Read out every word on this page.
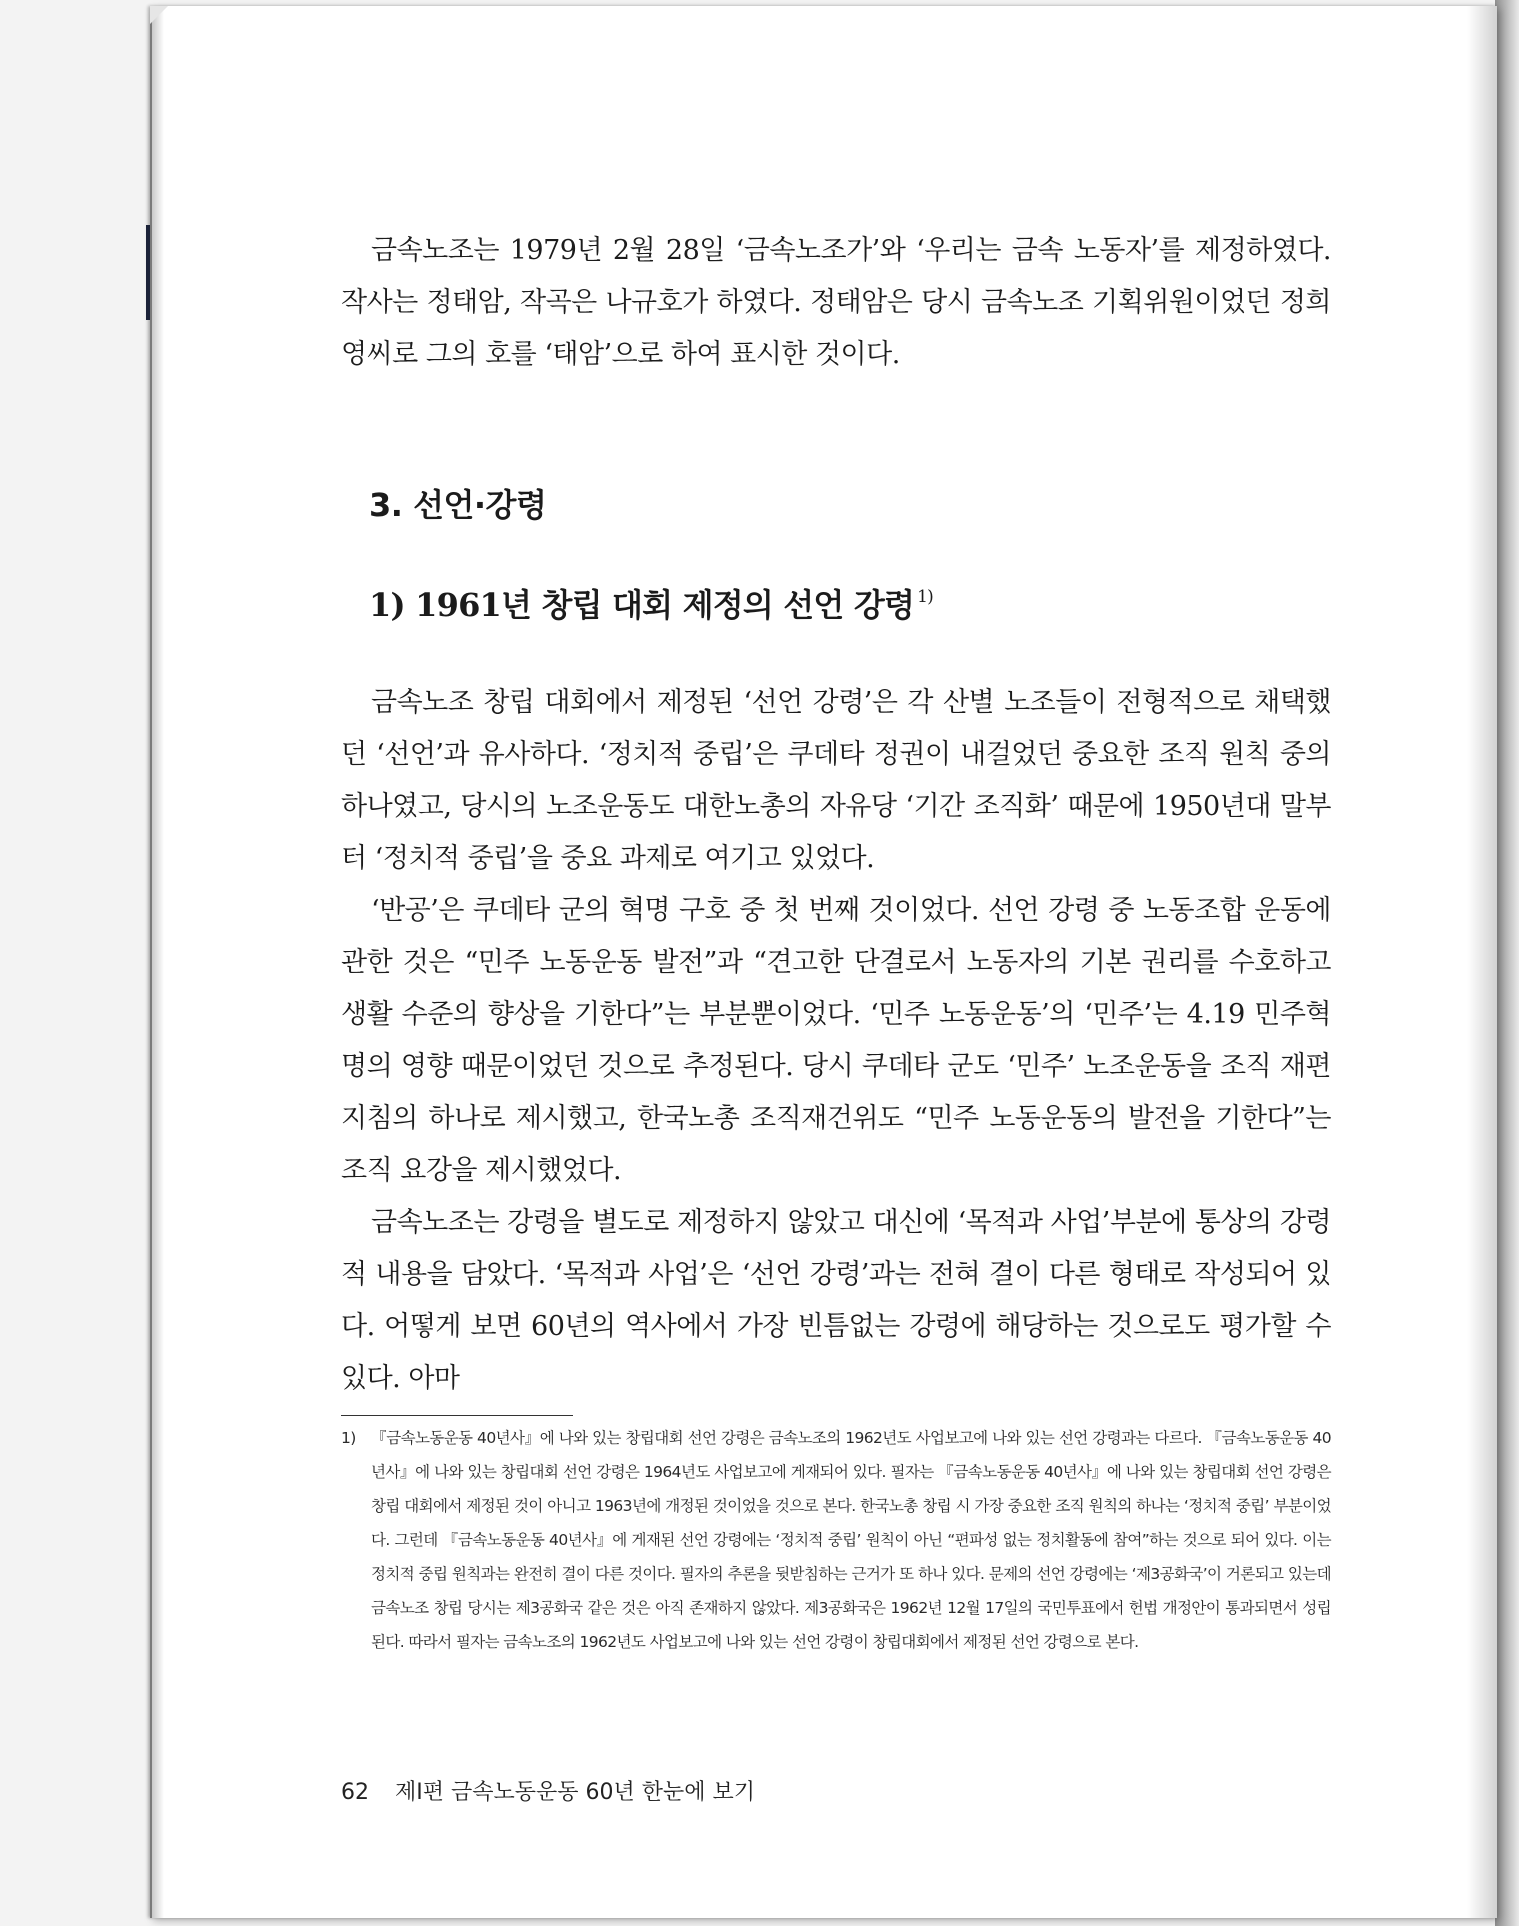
금속노조는 1979년 2월 28일 ‘금속노조가’와 ‘우리는 금속 노동자’를 제정하였다. 작사는 정태암, 작곡은 나규호가 하였다. 정태암은 당시 금속노조 기획위원이었던 정희영씨로 그의 호를 ‘태암’으로 하여 표시한 것이다.

3. 선언·강령
1) 1961년 창립 대회 제정의 선언 강령 $^{1)}$

금속노조 창립 대회에서 제정된 ‘선언 강령’은 각 산별 노조들이 전형적으로 채택했던 ‘선언’과 유사하다. ‘정치적 중립’은 쿠데타 정권이 내걸었던 중요한 조직 원칙 중의 하나였고, 당시의 노조운동도 대한노총의 자유당 ‘기간 조직화’ 때문에 1950년대 말부터 ‘정치적 중립’을 중요 과제로 여기고 있었다.

‘반공’은 쿠데타 군의 혁명 구호 중 첫 번째 것이었다. 선언 강령 중 노동조합 운동에 관한 것은 “민주 노동운동 발전”과 “견고한 단결로서 노동자의 기본 권리를 수호하고 생활 수준의 향상을 기한다”는 부분뿐이었다. ‘민주 노동운동’의 ‘민주’는 4.19 민주혁명의 영향 때문이었던 것으로 추정된다. 당시 쿠데타 군도 ‘민주’ 노조운동을 조직 재편 지침의 하나로 제시했고, 한국노총 조직재건위도 “민주 노동운동의 발전을 기한다”는 조직 요강을 제시했었다.

금속노조는 강령을 별도로 제정하지 않았고 대신에 ‘목적과 사업’부분에 통상의 강령적 내용을 담았다. ‘목적과 사업’은 ‘선언 강령’과는 전혀 결이 다른 형태로 작성되어 있다. 어떻게 보면 60년의 역사에서 가장 빈틈없는 강령에 해당하는 것으로도 평가할 수 있다. 아마

1) 『금속노동운동 40년사』에 나와 있는 창립대회 선언 강령은 금속노조의 1962년도 사업보고에 나와 있는 선언 강령과는 다르다. 『금속노동운동 40년사』에 나와 있는 창립대회 선언 강령은 1964년도 사업보고에 게재되어 있다. 필자는 『금속노동운동 40년사』에 나와 있는 창립대회 선언 강령은 창립 대회에서 제정된 것이 아니고 1963년에 개정된 것이었을 것으로 본다. 한국노총 창립 시 가장 중요한 조직 원칙의 하나는 ‘정치적 중립’ 부분이었다. 그런데 『금속노동운동 40년사』에 게재된 선언 강령에는 ‘정치적 중립’ 원칙이 아닌 “편파성 없는 정치활동에 참여”하는 것으로 되어 있다. 이는 정치적 중립 원칙과는 완전히 결이 다른 것이다. 필자의 추론을 뒷받침하는 근거가 또 하나 있다. 문제의 선언 강령에는 ‘제3공화국’이 거론되고 있는데 금속노조 창립 당시는 제3공화국 같은 것은 아직 존재하지 않았다. 제3공화국은 1962년 12월 17일의 국민투표에서 헌법 개정안이 통과되면서 성립된다. 따라서 필자는 금속노조의 1962년도 사업보고에 나와 있는 선언 강령이 창립대회에서 제정된 선언 강령으로 본다.
62 제Ⅰ편 금속노동운동 60년 한눈에 보기
